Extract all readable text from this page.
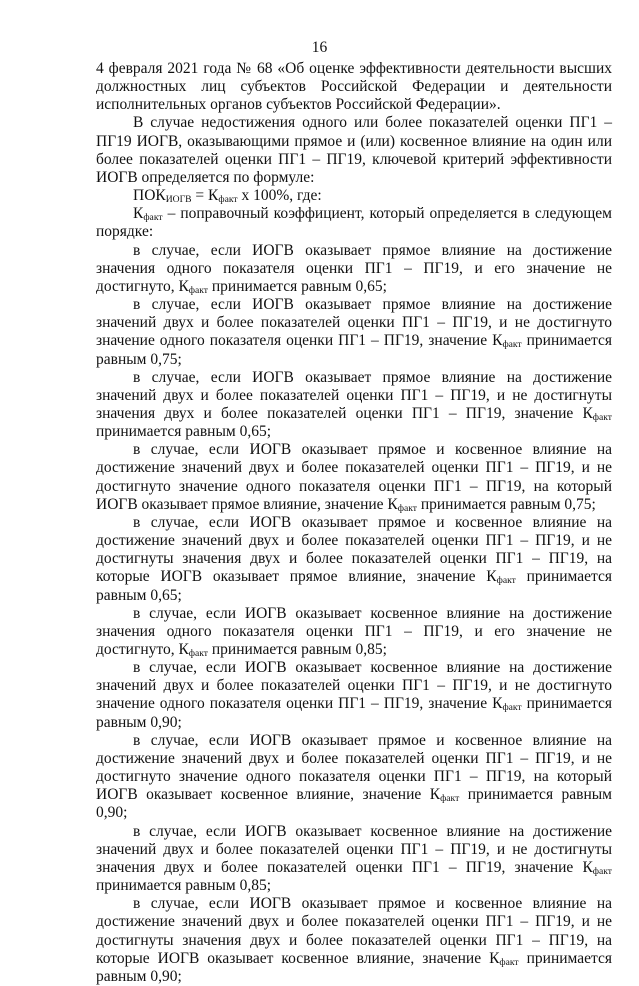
16

4 февраля 2021 года № 68 «Об оценке эффективности деятельности высших должностных лиц субъектов Российской Федерации и деятельности исполнительных органов субъектов Российской Федерации».

В случае недостижения одного или более показателей оценки ПГ1 – ПГ19 ИОГВ, оказывающими прямое и (или) косвенное влияние на один или более показателей оценки ПГ1 – ПГ19, ключевой критерий эффективности ИОГВ определяется по формуле:

$ПОК_{ИОГВ} = К_{факт}$ х 100%, где:

$К_{факт}$ – поправочный коэффициент, который определяется в следующем порядке:

в случае, если ИОГВ оказывает прямое влияние на достижение значения одного показателя оценки ПГ1 – ПГ19, и его значение не достигнуто, $К_{факт}$ принимается равным 0,65;

в случае, если ИОГВ оказывает прямое влияние на достижение значений двух и более показателей оценки ПГ1 – ПГ19, и не достигнуто значение одного показателя оценки ПГ1 – ПГ19, значение $К_{факт}$ принимается равным 0,75;

в случае, если ИОГВ оказывает прямое влияние на достижение значений двух и более показателей оценки ПГ1 – ПГ19, и не достигнуты значения двух и более показателей оценки ПГ1 – ПГ19, значение $К_{факт}$ принимается равным 0,65;

в случае, если ИОГВ оказывает прямое и косвенное влияние на достижение значений двух и более показателей оценки ПГ1 – ПГ19, и не достигнуто значение одного показателя оценки ПГ1 – ПГ19, на который ИОГВ оказывает прямое влияние, значение $К_{факт}$ принимается равным 0,75;

в случае, если ИОГВ оказывает прямое и косвенное влияние на достижение значений двух и более показателей оценки ПГ1 – ПГ19, и не достигнуты значения двух и более показателей оценки ПГ1 – ПГ19, на которые ИОГВ оказывает прямое влияние, значение $К_{факт}$ принимается равным 0,65;

в случае, если ИОГВ оказывает косвенное влияние на достижение значения одного показателя оценки ПГ1 – ПГ19, и его значение не достигнуто, $К_{факт}$ принимается равным 0,85;

в случае, если ИОГВ оказывает косвенное влияние на достижение значений двух и более показателей оценки ПГ1 – ПГ19, и не достигнуто значение одного показателя оценки ПГ1 – ПГ19, значение $К_{факт}$ принимается равным 0,90;

в случае, если ИОГВ оказывает прямое и косвенное влияние на достижение значений двух и более показателей оценки ПГ1 – ПГ19, и не достигнуто значение одного показателя оценки ПГ1 – ПГ19, на который ИОГВ оказывает косвенное влияние, значение $К_{факт}$ принимается равным 0,90;

в случае, если ИОГВ оказывает косвенное влияние на достижение значений двух и более показателей оценки ПГ1 – ПГ19, и не достигнуты значения двух и более показателей оценки ПГ1 – ПГ19, значение $К_{факт}$ принимается равным 0,85;

в случае, если ИОГВ оказывает прямое и косвенное влияние на достижение значений двух и более показателей оценки ПГ1 – ПГ19, и не достигнуты значения двух и более показателей оценки ПГ1 – ПГ19, на которые ИОГВ оказывает косвенное влияние, значение $К_{факт}$ принимается равным 0,90;
